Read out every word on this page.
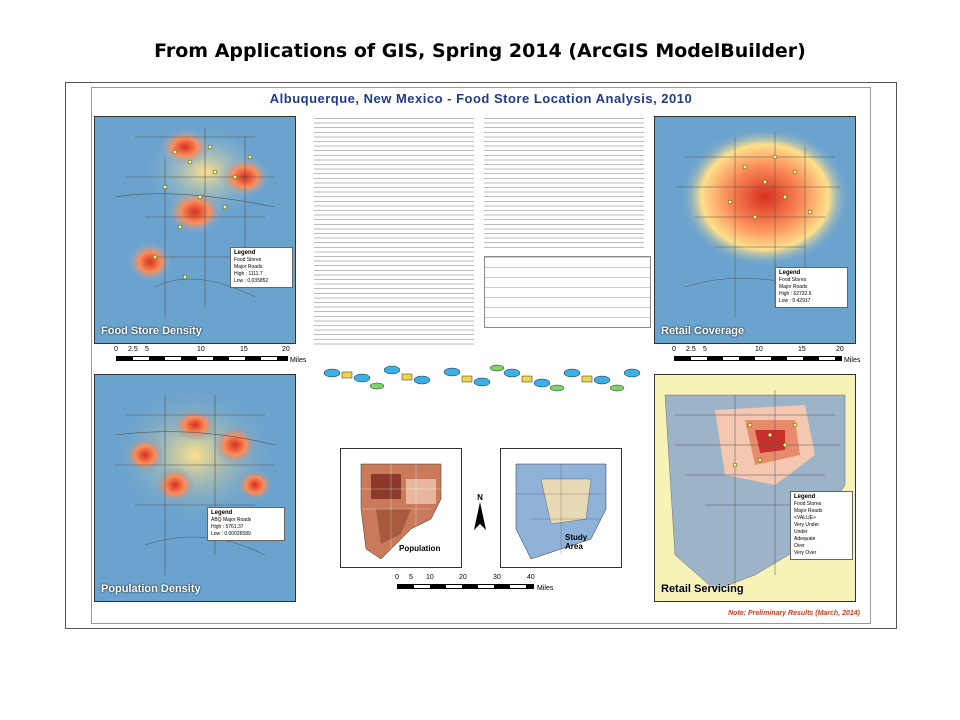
From Applications of GIS, Spring 2014 (ArcGIS ModelBuilder)
Albuquerque, New Mexico - Food Store Location Analysis, 2010
Legend
Food Stores
Major Roads
High : 1111.7
Low : 0.035852
Food Store Density
0 2.5 5	10	15	20
Miles
Legend
ABQ Major Roads
High : 5761.37
Low : 0.00026589
Population Density
Population
N
Study
Area
0 5 10	20	30	40
Miles
Legend
Food Stores
Major Roads
High : 62732.6
Low : 0.42917
Retail Coverage
0 2.5 5	10	15	20
Miles
Legend
Food Stores
Major Roads
<VALUE>
Very Under
Under
Adequate
Over
Very Over
Retail Servicing
Note: Preliminary Results (March, 2014)
